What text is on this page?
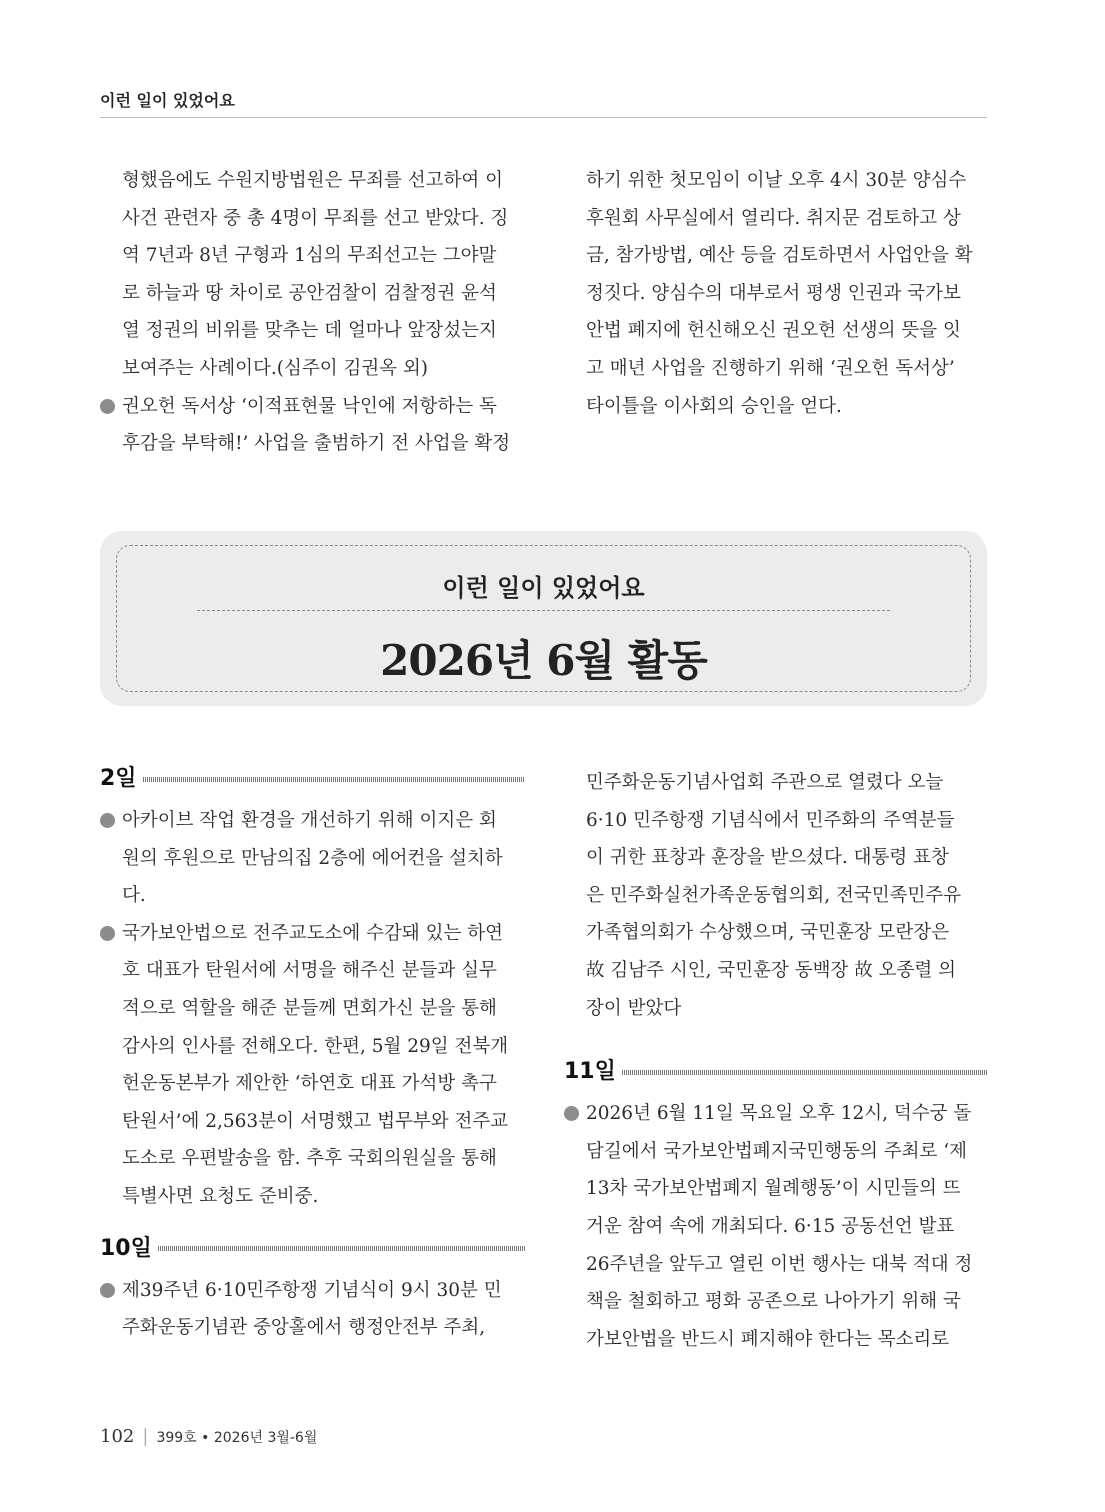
이런 일이 있었어요
형했음에도 수원지방법원은 무죄를 선고하여 이
사건 관련자 중 총 4명이 무죄를 선고 받았다. 징
역 7년과 8년 구형과 1심의 무죄선고는 그야말
로 하늘과 땅 차이로 공안검찰이 검찰정권 윤석
열 정권의 비위를 맞추는 데 얼마나 앞장섰는지
보여주는 사례이다.(심주이 김권옥 외)
권오헌 독서상 ‘이적표현물 낙인에 저항하는 독
후감을 부탁해!’ 사업을 출범하기 전 사업을 확정
하기 위한 첫모임이 이날 오후 4시 30분 양심수
후원회 사무실에서 열리다. 취지문 검토하고 상
금, 참가방법, 예산 등을 검토하면서 사업안을 확
정짓다. 양심수의 대부로서 평생 인권과 국가보
안법 폐지에 헌신해오신 권오헌 선생의 뜻을 잇
고 매년 사업을 진행하기 위해 ‘권오헌 독서상’
타이틀을 이사회의 승인을 얻다.
이런 일이 있었어요
2026년 6월 활동
2일
아카이브 작업 환경을 개선하기 위해 이지은 회
원의 후원으로 만남의집 2층에 에어컨을 설치하
다.
국가보안법으로 전주교도소에 수감돼 있는 하연
호 대표가 탄원서에 서명을 해주신 분들과 실무
적으로 역할을 해준 분들께 면회가신 분을 통해
감사의 인사를 전해오다. 한편, 5월 29일 전북개
헌운동본부가 제안한 ‘하연호 대표 가석방 촉구
탄원서’에 2,563분이 서명했고 법무부와 전주교
도소로 우편발송을 함. 추후 국회의원실을 통해
특별사면 요청도 준비중.
10일
제39주년 6·10민주항쟁 기념식이 9시 30분 민
주화운동기념관 중앙홀에서 행정안전부 주최,
민주화운동기념사업회 주관으로 열렸다 오늘
6·10 민주항쟁 기념식에서 민주화의 주역분들
이 귀한 표창과 훈장을 받으셨다. 대통령 표창
은 민주화실천가족운동협의회, 전국민족민주유
가족협의회가 수상했으며, 국민훈장 모란장은
故 김남주 시인, 국민훈장 동백장 故 오종렬 의
장이 받았다
11일
2026년 6월 11일 목요일 오후 12시, 덕수궁 돌
담길에서 국가보안법폐지국민행동의 주최로 ‘제
13차 국가보안법폐지 월례행동’이 시민들의 뜨
거운 참여 속에 개최되다. 6·15 공동선언 발표
26주년을 앞두고 열린 이번 행사는 대북 적대 정
책을 철회하고 평화 공존으로 나아가기 위해 국
가보안법을 반드시 폐지해야 한다는 목소리로
102 | 399호 • 2026년 3월-6월
